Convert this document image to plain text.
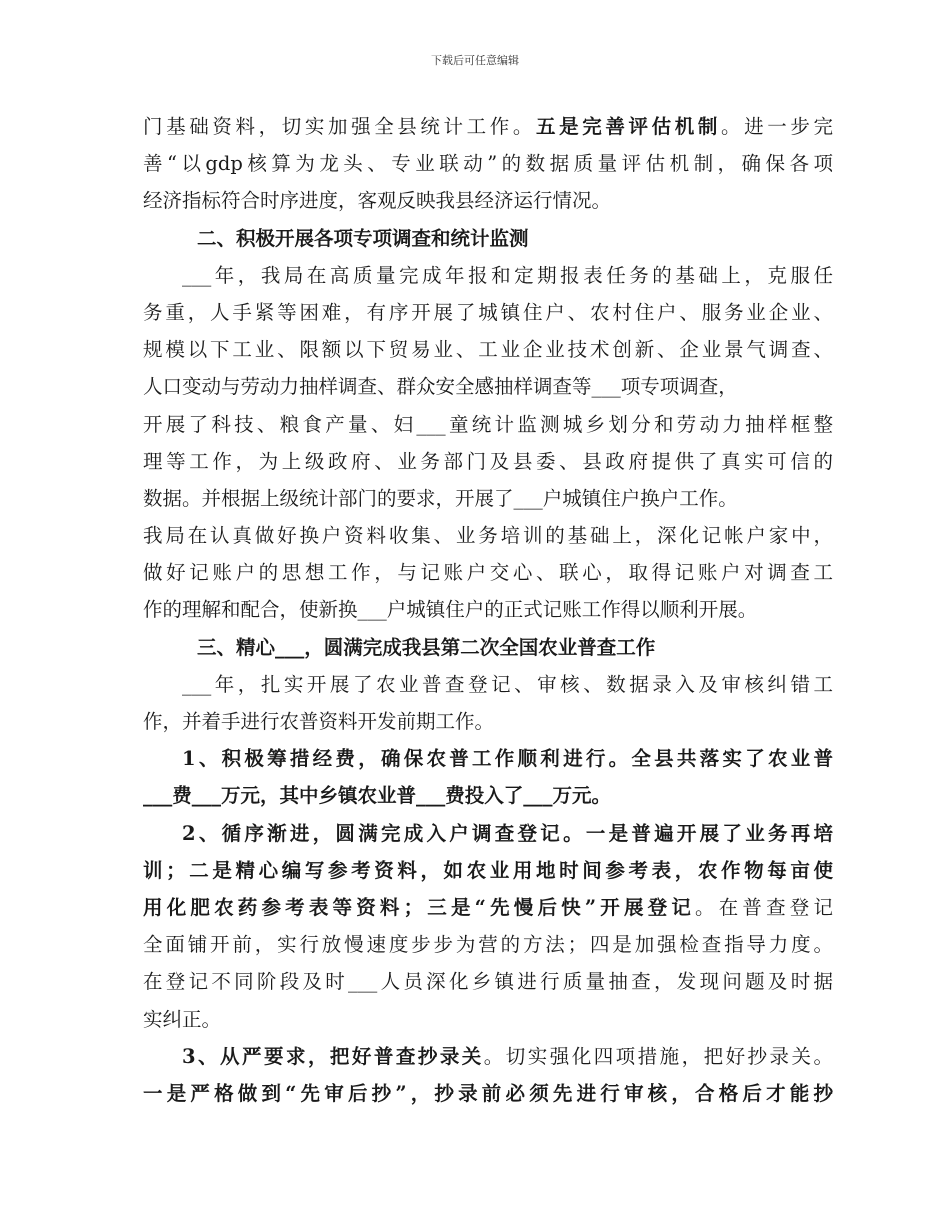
下载后可任意编辑
门基础资料，切实加强全县统计工作。五是完善评估机制。进一步完
善“以gdp核算为龙头、专业联动”的数据质量评估机制，确保各项
经济指标符合时序进度，客观反映我县经济运行情况。
二、积极开展各项专项调查和统计监测
___年，我局在高质量完成年报和定期报表任务的基础上，克服任
务重，人手紧等困难，有序开展了城镇住户、农村住户、服务业企业、
规模以下工业、限额以下贸易业、工业企业技术创新、企业景气调查、
人口变动与劳动力抽样调查、群众安全感抽样调查等___项专项调查，
开展了科技、粮食产量、妇___童统计监测城乡划分和劳动力抽样框整
理等工作，为上级政府、业务部门及县委、县政府提供了真实可信的
数据。并根据上级统计部门的要求，开展了___户城镇住户换户工作。
我局在认真做好换户资料收集、业务培训的基础上，深化记帐户家中，
做好记账户的思想工作，与记账户交心、联心，取得记账户对调查工
作的理解和配合，使新换___户城镇住户的正式记账工作得以顺利开展。
三、精心___，圆满完成我县第二次全国农业普查工作
___年，扎实开展了农业普查登记、审核、数据录入及审核纠错工
作，并着手进行农普资料开发前期工作。
1、积极筹措经费，确保农普工作顺利进行。全县共落实了农业普
___费___万元，其中乡镇农业普___费投入了___万元。
2、循序渐进，圆满完成入户调查登记。一是普遍开展了业务再培
训；二是精心编写参考资料，如农业用地时间参考表，农作物每亩使
用化肥农药参考表等资料；三是“先慢后快”开展登记。在普查登记
全面铺开前，实行放慢速度步步为营的方法；四是加强检查指导力度。
在登记不同阶段及时___人员深化乡镇进行质量抽查，发现问题及时据
实纠正。
3、从严要求，把好普查抄录关。切实强化四项措施，把好抄录关。
一是严格做到“先审后抄”，抄录前必须先进行审核，合格后才能抄
